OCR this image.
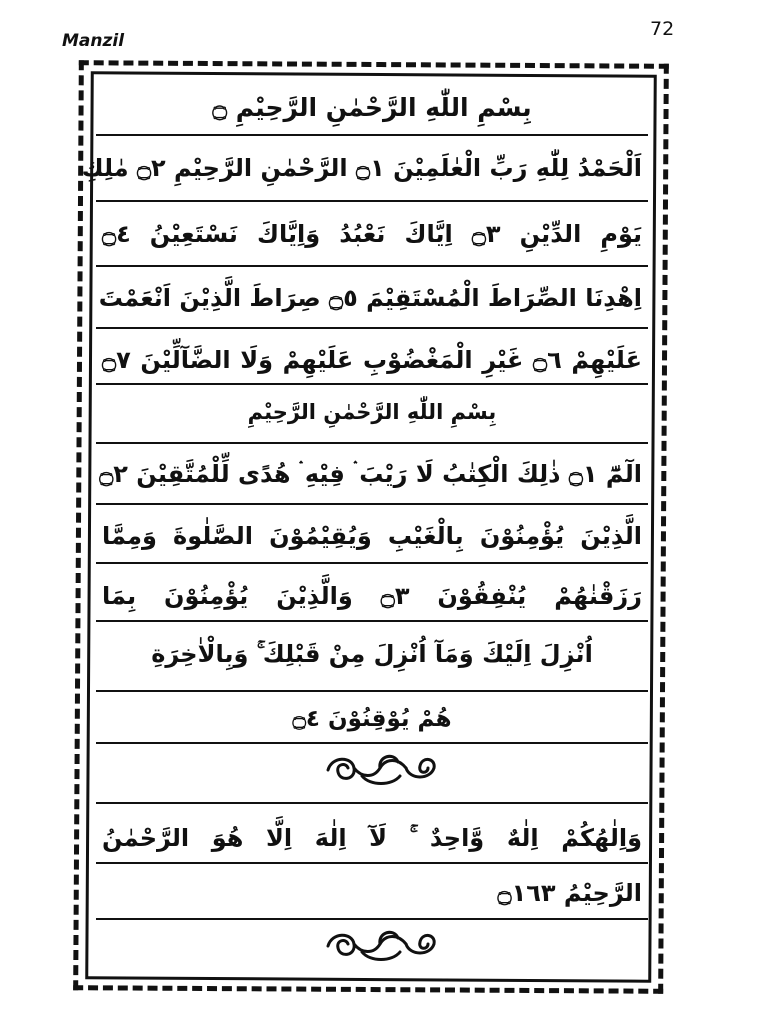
Manzil
72
بِسْمِ اللّٰهِ الرَّحْمٰنِ الرَّحِيْمِ ۝
اَلْحَمْدُ لِلّٰهِ رَبِّ الْعٰلَمِيْنَ ۝١ الرَّحْمٰنِ الرَّحِيْمِ ۝٢ مٰلِكِ
يَوْمِ الدِّيْنِ ۝٣ اِيَّاكَ نَعْبُدُ وَاِيَّاكَ نَسْتَعِيْنُ ۝٤
اِهْدِنَا الصِّرَاطَ الْمُسْتَقِيْمَ ۝٥ صِرَاطَ الَّذِيْنَ اَنْعَمْتَ
عَلَيْهِمْ ۝٦ غَيْرِ الْمَغْضُوْبِ عَلَيْهِمْ وَلَا الضَّآلِّيْنَ ۝٧
بِسْمِ اللّٰهِ الرَّحْمٰنِ الرَّحِيْمِ
الٓمّٓ ۝١ ذٰلِكَ الْكِتٰبُ لَا رَيْبَ ۛ فِيْهِ ۛ هُدًى لِّلْمُتَّقِيْنَ ۝٢
الَّذِيْنَ يُؤْمِنُوْنَ بِالْغَيْبِ وَيُقِيْمُوْنَ الصَّلٰوةَ وَمِمَّا
رَزَقْنٰهُمْ يُنْفِقُوْنَ ۝٣ وَالَّذِيْنَ يُؤْمِنُوْنَ بِمَا
اُنْزِلَ اِلَيْكَ وَمَآ اُنْزِلَ مِنْ قَبْلِكَ ۚ وَبِالْاٰخِرَةِ
هُمْ يُوْقِنُوْنَ ۝٤
وَاِلٰهُكُمْ اِلٰهٌ وَّاحِدٌ ۚ لَآ اِلٰهَ اِلَّا هُوَ الرَّحْمٰنُ
الرَّحِيْمُ ۝١٦٣
